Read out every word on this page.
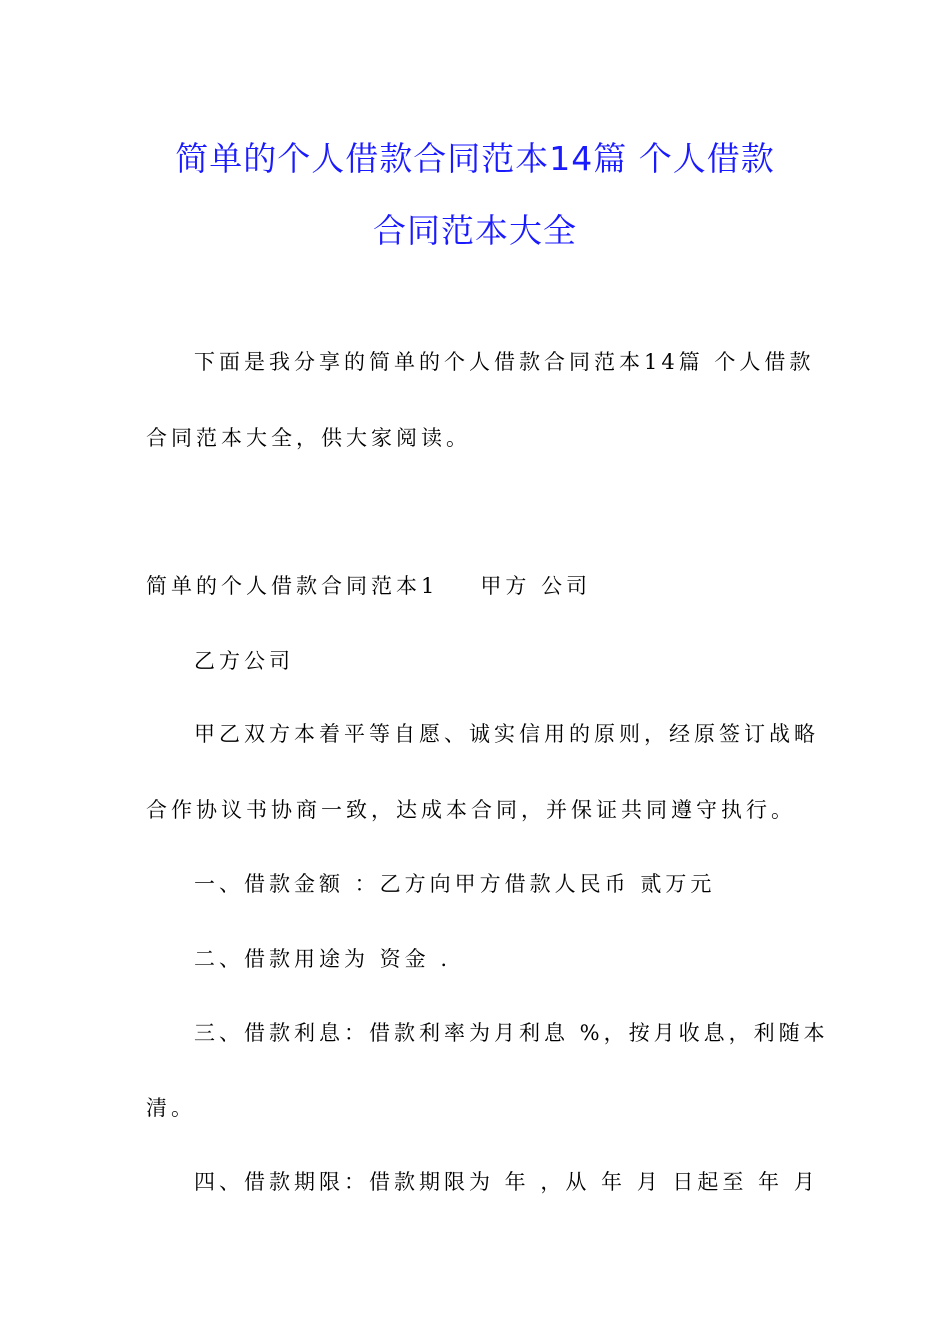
简单的个人借款合同范本14篇 个人借款
合同范本大全
下面是我分享的简单的个人借款合同范本14篇 个人借款
合同范本大全，供大家阅读。
简单的个人借款合同范本1 甲方 公司
乙方公司
甲乙双方本着平等自愿、诚实信用的原则，经原签订战略
合作协议书协商一致，达成本合同，并保证共同遵守执行。
一、借款金额 ：乙方向甲方借款人民币 贰万元
二、借款用途为 资金 .
三、借款利息：借款利率为月利息 %，按月收息，利随本
清。
四、借款期限：借款期限为 年 ，从 年 月 日起至 年 月
